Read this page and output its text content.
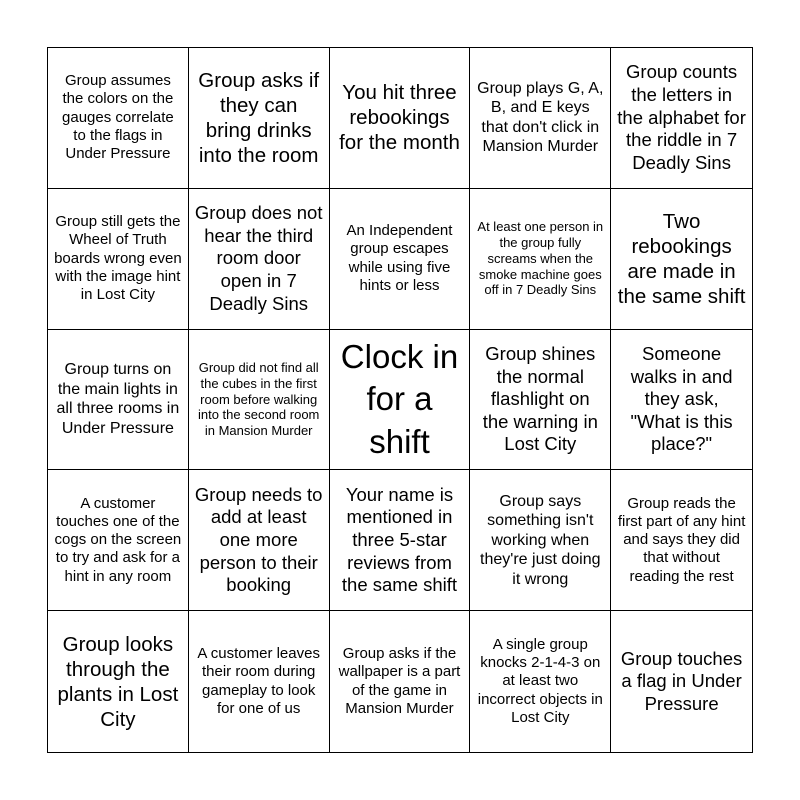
Group assumes the colors on the gauges correlate to the flags in Under Pressure
Group asks if they can bring drinks into the room
You hit three rebookings for the month
Group plays G, A, B, and E keys that don't click in Mansion Murder
Group counts the letters in the alphabet for the riddle in 7 Deadly Sins
Group still gets the Wheel of Truth boards wrong even with the image hint in Lost City
Group does not hear the third room door open in 7 Deadly Sins
An Independent group escapes while using five hints or less
At least one person in the group fully screams when the smoke machine goes off in 7 Deadly Sins
Two rebookings are made in the same shift
Group turns on the main lights in all three rooms in Under Pressure
Group did not find all the cubes in the first room before walking into the second room in Mansion Murder
Clock in for a shift
Group shines the normal flashlight on the warning in Lost City
Someone walks in and they ask, "What is this place?"
A customer touches one of the cogs on the screen to try and ask for a hint in any room
Group needs to add at least one more person to their booking
Your name is mentioned in three 5-star reviews from the same shift
Group says something isn't working when they're just doing it wrong
Group reads the first part of any hint and says they did that without reading the rest
Group looks through the plants in Lost City
A customer leaves their room during gameplay to look for one of us
Group asks if the wallpaper is a part of the game in Mansion Murder
A single group knocks 2-1-4-3 on at least two incorrect objects in Lost City
Group touches a flag in Under Pressure
